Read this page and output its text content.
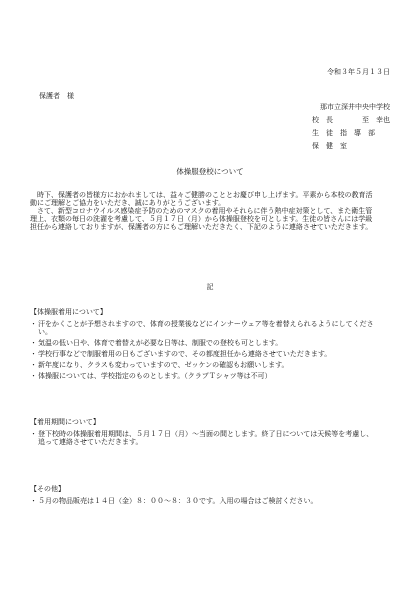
令和３年５月１３日
保護者　様
那市立深井中央中学校
校　長	至　幸也
生　徒　指　導　部
保　健　室
体操服登校について

時下、保護者の皆様方におかれましては、益々ご健勝のこととお慶び申し上げます。平素から本校の教育活動にご理解とご協力をいただき、誠にありがとうございます。

さて、新型コロナウイルス感染症予防のためのマスクの着用やそれらに伴う熱中症対策として、また衛生管理上、衣類の毎日の洗濯を考慮して、５月１７日（月）から体操服登校を可とします。生徒の皆さんには学級担任から連絡しておりますが、保護者の方にもご理解いただきたく、下記のように連絡させていただきます。

記
【体操服着用について】
・ 汗をかくことが予想されますので、体育の授業後などにインナーウェア等を着替えられるようにしてください。
・ 気温の低い日や、体育で着替えが必要な日等は、制服での登校も可とします。
・ 学校行事などで制服着用の日もございますので、その都度担任から連絡させていただきます。
・ 新年度になり、クラスも変わっていますので、ゼッケンの確認もお願いします。
・ 体操服については、学校指定のものとします。（クラブＴシャツ等は不可）
【着用期間について】
・ 登下校時の体操服着用期間は、５月１７日（月）～当面の間とします。終了日については天候等を考慮し、追って連絡させていただきます。
【その他】
・ ５月の物品販売は１４日（金）８：００～８：３０です。入用の場合はご検討ください。
